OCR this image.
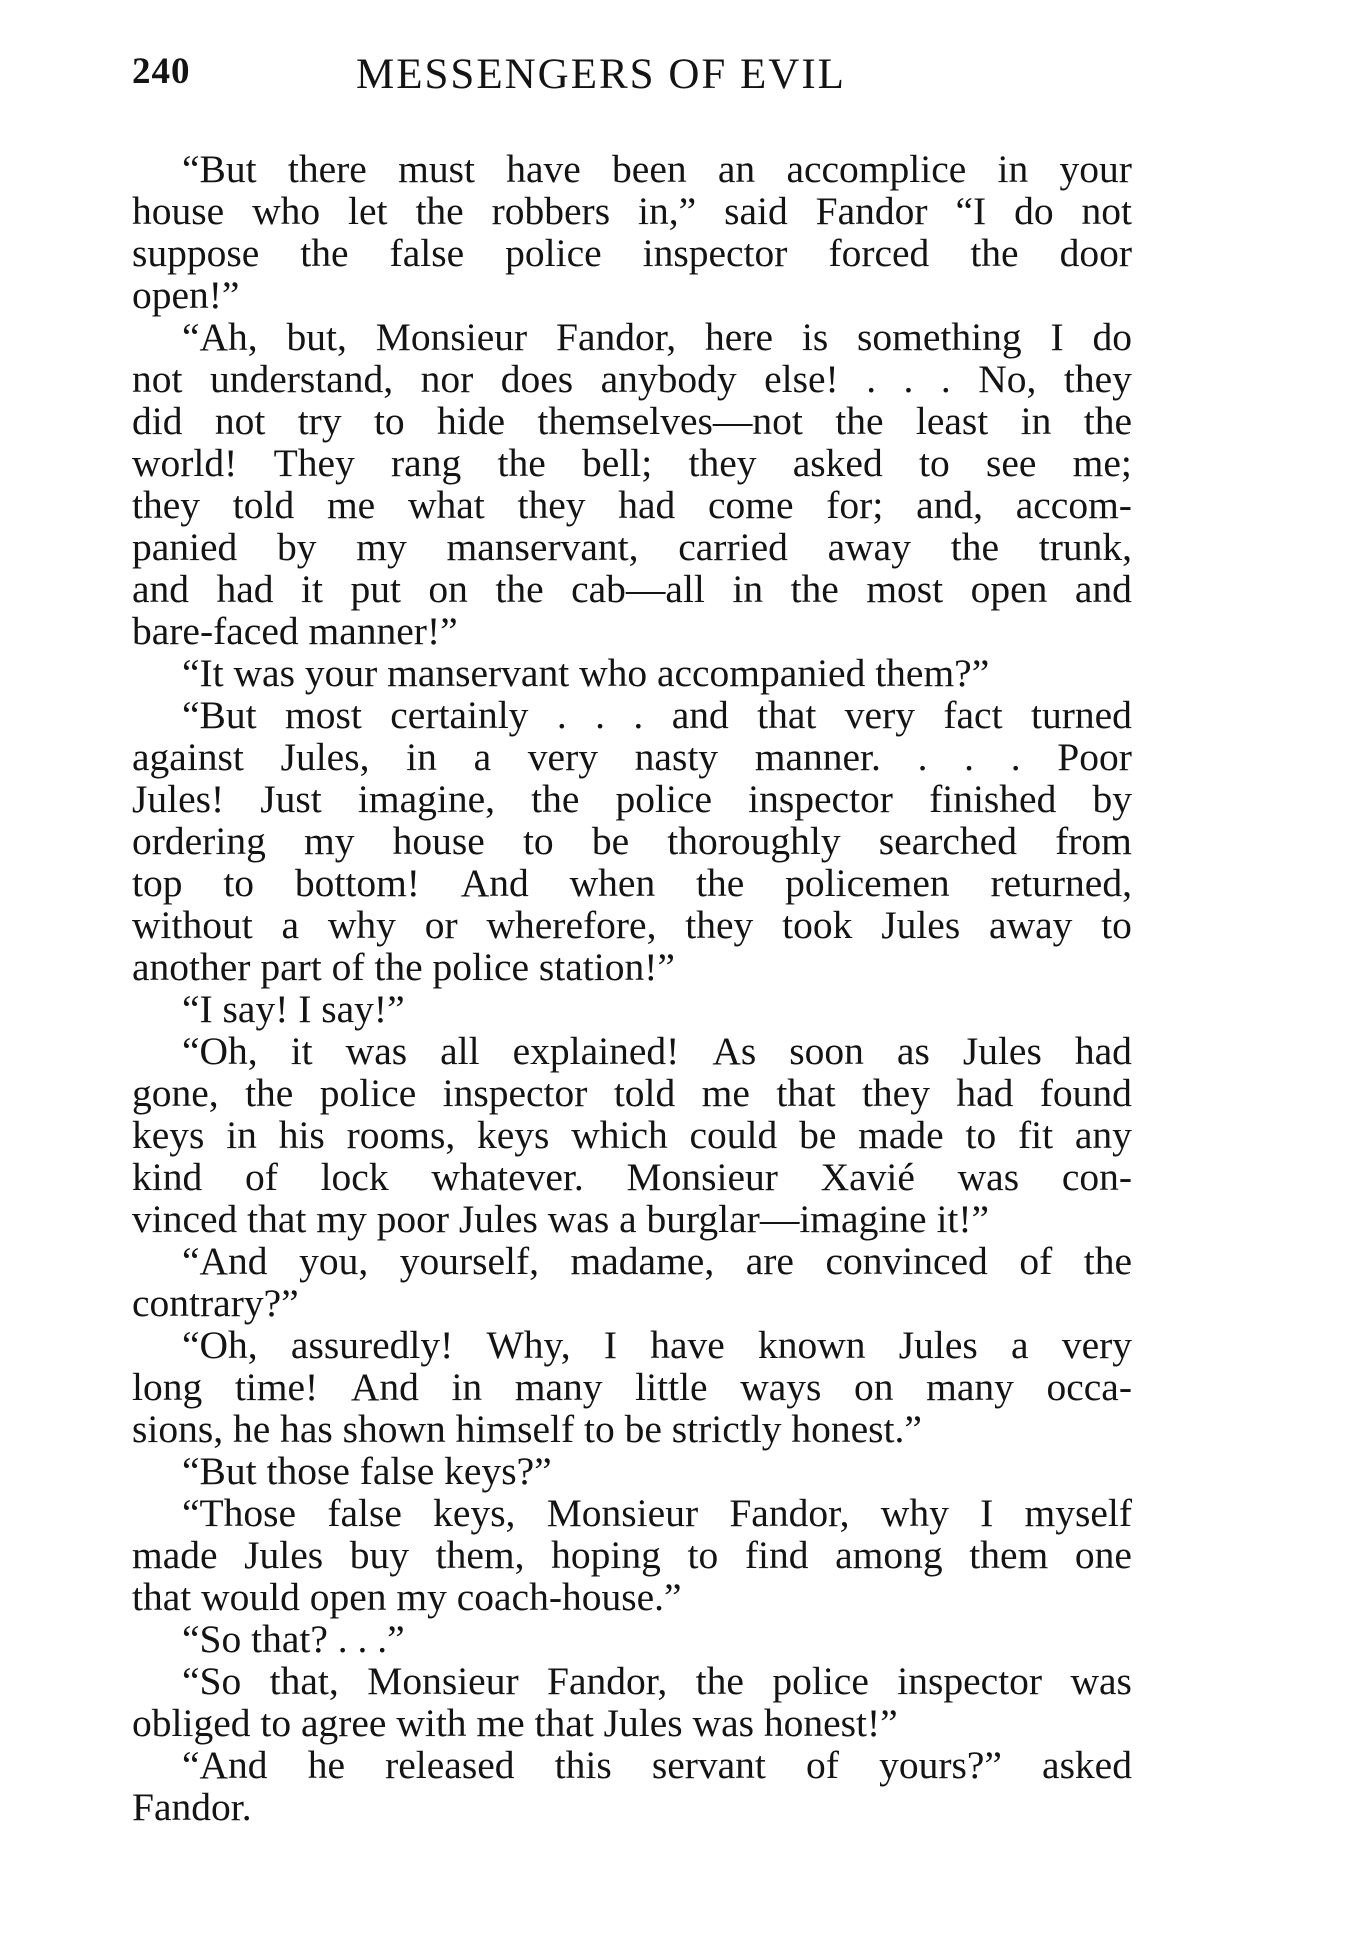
240	MESSENGERS OF EVIL
“But there must have been an accomplice in your
house who let the robbers in,” said Fandor “I do not
suppose the false police inspector forced the door
open!”
“Ah, but, Monsieur Fandor, here is something I do
not understand, nor does anybody else! . . . No, they
did not try to hide themselves—not the least in the
world! They rang the bell; they asked to see me;
they told me what they had come for; and, accom-
panied by my manservant, carried away the trunk,
and had it put on the cab—all in the most open and
bare-faced manner!”
“It was your manservant who accompanied them?”
“But most certainly . . . and that very fact turned
against Jules, in a very nasty manner. . . . Poor
Jules! Just imagine, the police inspector finished by
ordering my house to be thoroughly searched from
top to bottom! And when the policemen returned,
without a why or wherefore, they took Jules away to
another part of the police station!”
“I say! I say!”
“Oh, it was all explained! As soon as Jules had
gone, the police inspector told me that they had found
keys in his rooms, keys which could be made to fit any
kind of lock whatever. Monsieur Xavié was con-
vinced that my poor Jules was a burglar—imagine it!”
“And you, yourself, madame, are convinced of the
contrary?”
“Oh, assuredly! Why, I have known Jules a very
long time! And in many little ways on many occa-
sions, he has shown himself to be strictly honest.”
“But those false keys?”
“Those false keys, Monsieur Fandor, why I myself
made Jules buy them, hoping to find among them one
that would open my coach-house.”
“So that? . . .”
“So that, Monsieur Fandor, the police inspector was
obliged to agree with me that Jules was honest!”
“And he released this servant of yours?” asked
Fandor.
